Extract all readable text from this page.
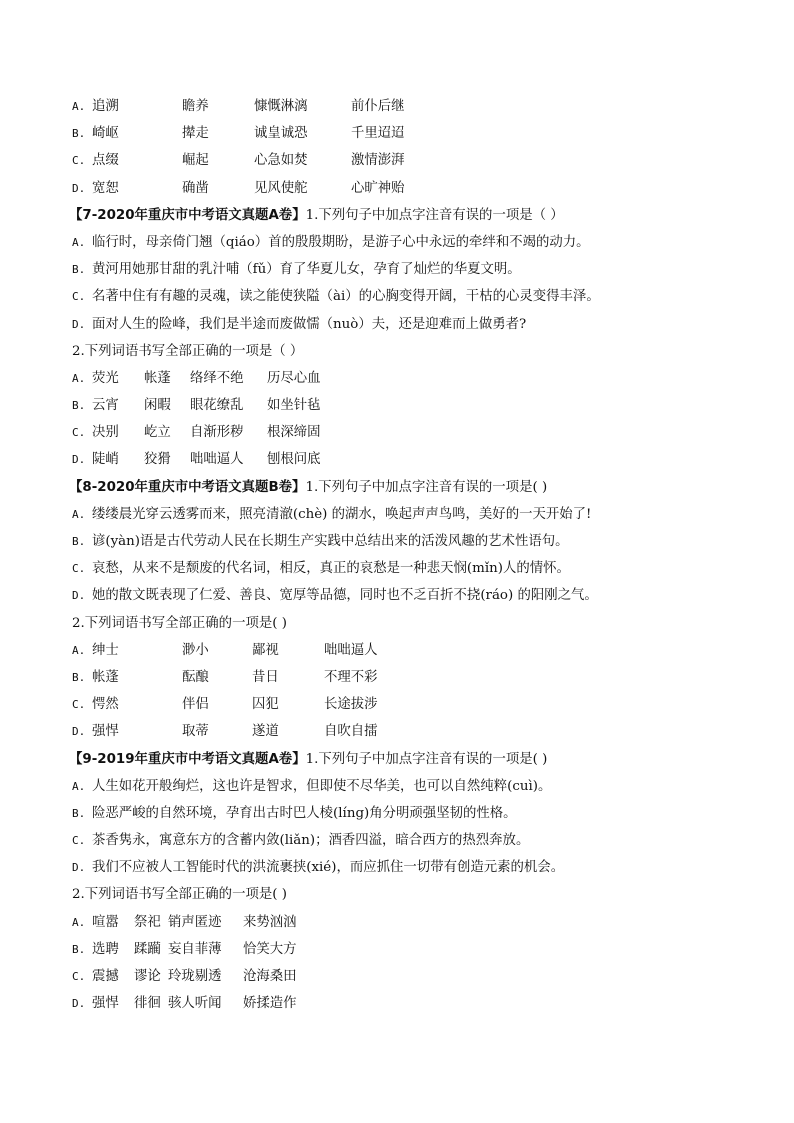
A. 追溯	瞻养	慷慨淋漓	前仆后继
B. 崎岖	撵走	诚皇诚恐	千里迢迢
C. 点缀	崛起	心急如焚	激情澎湃
D. 宽恕	确凿	见风使舵	心旷神贻
【7-2020年重庆市中考语文真题A卷】 1.下列句子中加点字注音有误的一项是（ ）
A. 临行时，母亲倚门翘（qiáo）首的殷殷期盼，是游子心中永远的牵绊和不竭的动力。
B. 黄河用她那甘甜的乳汁哺（fǔ）育了华夏儿女，孕育了灿烂的华夏文明。
C. 名著中住有有趣的灵魂，读之能使狭隘（ài）的心胸变得开阔，干枯的心灵变得丰泽。
D. 面对人生的险峰，我们是半途而废做懦（nuò）夫，还是迎难而上做勇者?
2.下列词语书写全部正确的一项是（ ）
A. 荧光	帐蓬	络绎不绝	历尽心血
B. 云宵	闲暇	眼花缭乱	如坐针毡
C. 决别	屹立	自渐形秽	根深缔固
D. 陡峭	狡猾	咄咄逼人	刨根问底
【8-2020年重庆市中考语文真题B卷】 1.下列句子中加点字注音有误的一项是( )
A. 缕缕晨光穿云透雾而来，照亮清澈(chè) 的湖水，唤起声声鸟鸣，美好的一天开始了!
B. 谚(yàn)语是古代劳动人民在长期生产实践中总结出来的活泼风趣的艺术性语句。
C. 哀愁，从来不是颓废的代名词，相反，真正的哀愁是一种悲天悯(mǐn)人的情怀。
D. 她的散文既表现了仁爱、善良、宽厚等品德，同时也不乏百折不挠(ráo) 的阳刚之气。
2.下列词语书写全部正确的一项是( )
A. 绅士	渺小	鄙视	咄咄逼人
B. 帐蓬	酝酿	昔日	不理不彩
C. 愕然	伴侣	囚犯	长途拔涉
D. 强悍	取蒂	遂道	自吹自擂
【9-2019年重庆市中考语文真题A卷】 1.下列句子中加点字注音有误的一项是( )
A. 人生如花开般绚烂，这也许是智求，但即使不尽华美，也可以自然纯粹(cuì)。
B. 险恶严峻的自然环境，孕育出古时巴人棱(líng)角分明顽强坚韧的性格。
C. 茶香隽永，寓意东方的含蓄内敛(liǎn)；酒香四溢，暗合西方的热烈奔放。
D. 我们不应被人工智能时代的洪流裹挟(xié)，而应抓住一切带有创造元素的机会。
2.下列词语书写全部正确的一项是( )
A. 喧嚣	祭祀 销声匿迹	来势汹汹
B. 选聘	蹂躏 妄自菲薄	恰笑大方
C. 震撼	谬论 玲珑剔透	沧海桑田
D. 强悍	徘徊 骇人听闻	娇揉造作
